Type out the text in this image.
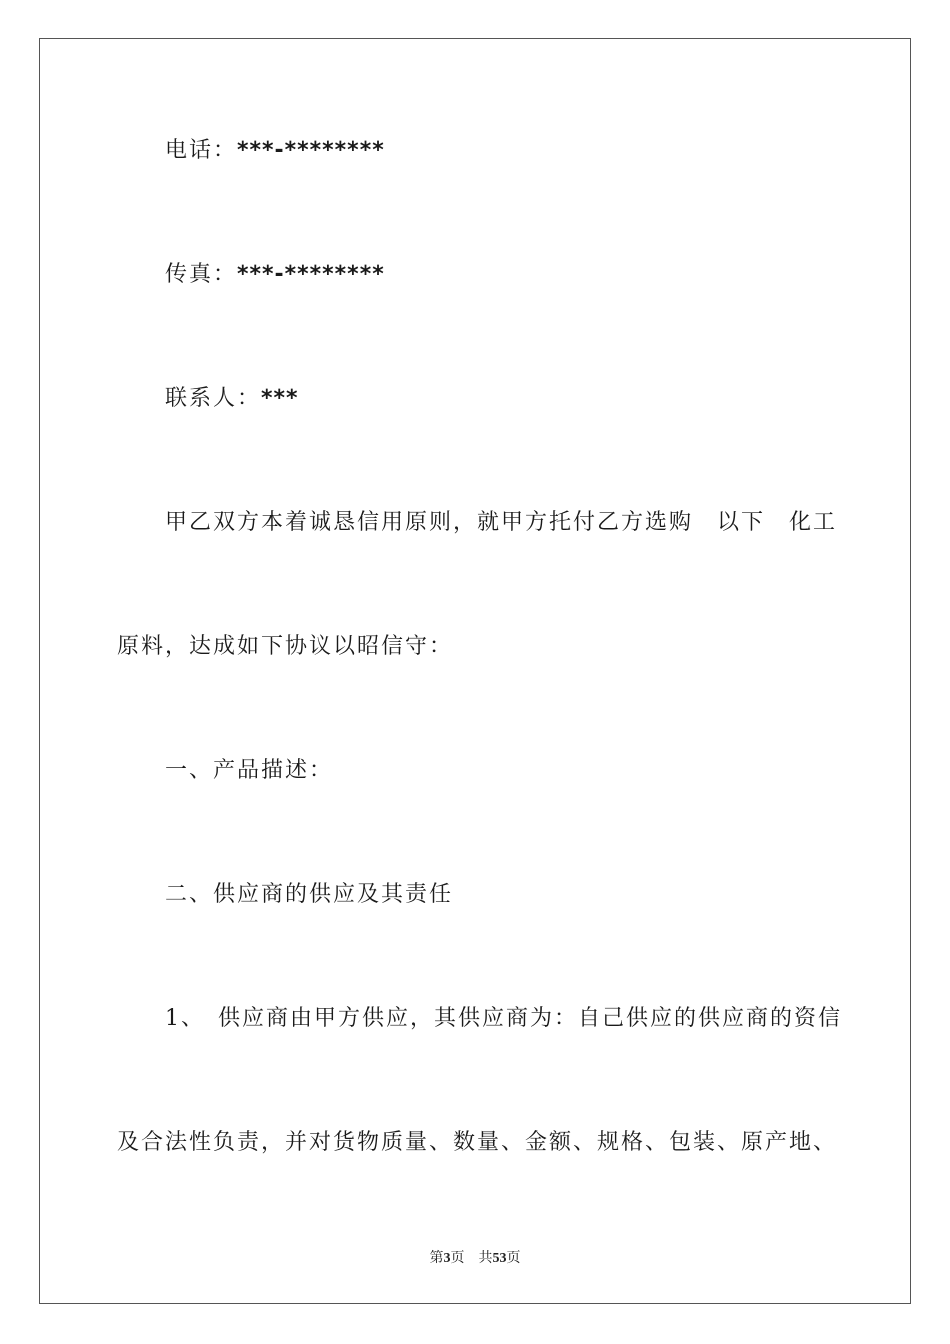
电话：***-********
传真：***-********
联系人：***
甲乙双方本着诚恳信用原则，就甲方托付乙方选购　以下　化工
原料，达成如下协议以昭信守：
一、产品描述：
二、供应商的供应及其责任
1、　供应商由甲方供应，其供应商为：自己供应的供应商的资信
及合法性负责，并对货物质量、数量、金额、规格、包装、原产地、
第3页 共53页
